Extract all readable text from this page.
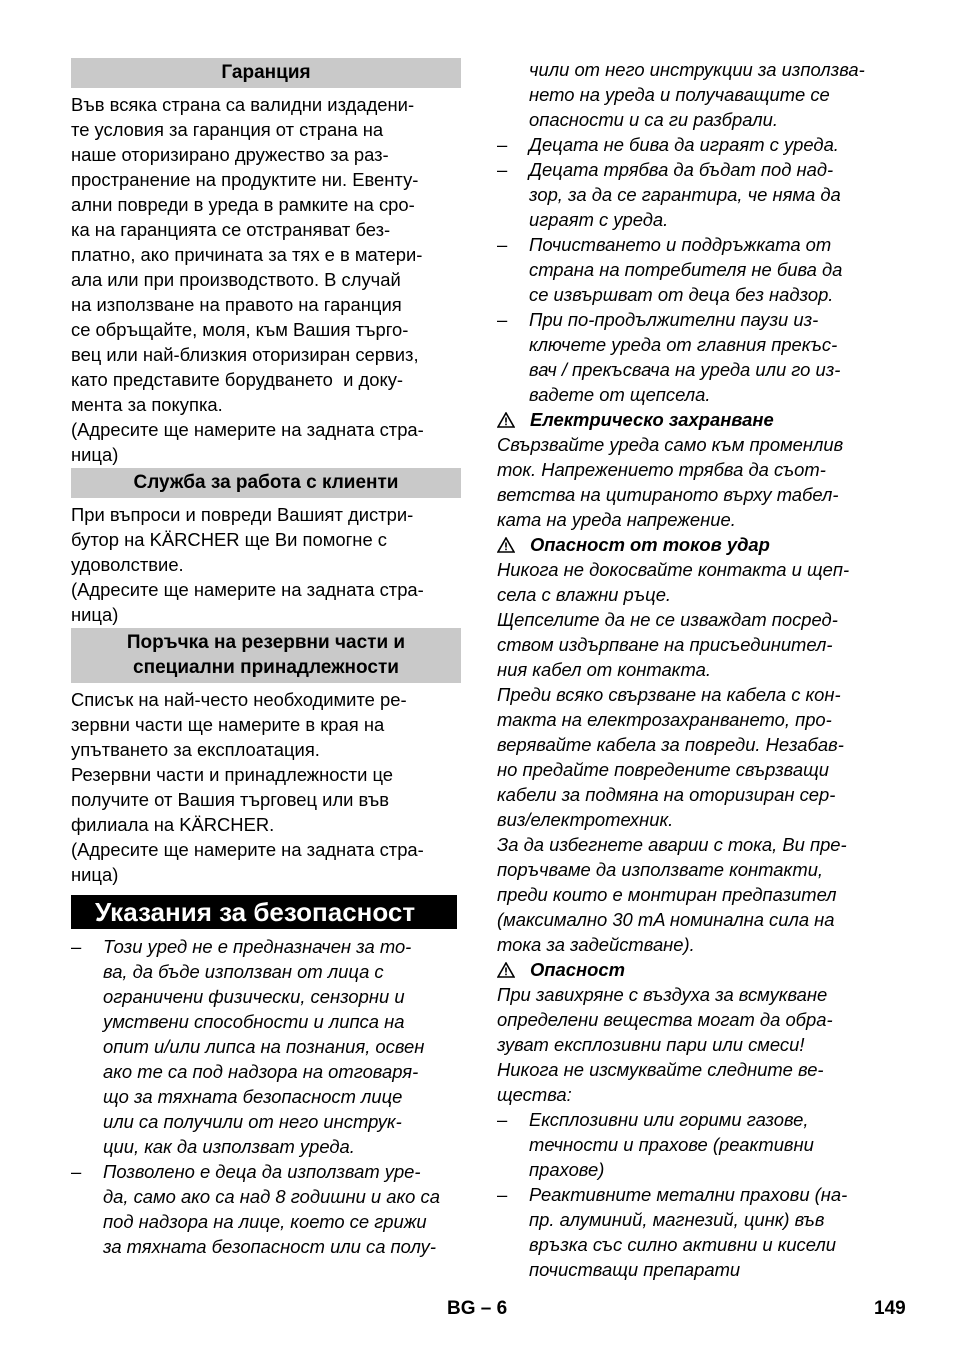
Гаранция
Във всяка страна са валидни издадени-
те условия за гаранция от страна на
наше оторизирано дружество за раз-
пространение на продуктите ни. Евенту-
ални повреди в уреда в рамките на сро-
ка на гаранцията се отстраняват без-
платно, ако причината за тях е в матери-
ала или при производството. В случай
на използване на правото на гаранция
се обръщайте, моля, към Вашия търго-
вец или най-близкия оторизиран сервиз,
като представите борудването  и доку-
мента за покупка.
(Адресите ще намерите на задната стра-
ница)
Служба за работа с клиенти
При въпроси и повреди Вашият дистри-
бутор на KÄRCHER ще Ви помогне с
удоволствие.
(Адресите ще намерите на задната стра-
ница)
Поръчка на резервни части и
специални принадлежности
Списък на най-често необходимите ре-
зервни части ще намерите в края на
упътването за експлоатация.
Резервни части и принадлежности це
получите от Вашия търговец или във
филиала на KÄRCHER.
(Адресите ще намерите на задната стра-
ница)
Указания за безопасност
– Този уред не е предназначен за то-
ва, да бъде използван от лица с
ограничени физически, сензорни и
умствени способности и липса на
опит и/или липса на познания, освен
ако те са под надзора на отговаря-
що за тяхната безопасност лице
или са получили от него инструк-
ции, как да използват уреда.
– Позволено е деца да използват уре-
да, само ако са над 8 годишни и ако са
под надзора на лице, което се грижи
за тяхната безопасност или са полу-
чили от него инструкции за използва-
нето на уреда и получаващите се
опасности и са ги разбрали.
– Децата не бива да играят с уреда.
– Децата трябва да бъдат под над-
зор, за да се гарантира, че няма да
играят с уреда.
– Почистването и поддръжката от
страна на потребителя не бива да
се извършват от деца без надзор.
– При по-продължителни паузи из-
ключете уреда от главния прекъс-
вач / прекъсвача на уреда или го из-
вадете от щепсела.
Електрическо захранване
Свързвайте уреда само към променлив
ток. Напрежението трябва да съот-
ветства на цитираното върху табел-
ката на уреда напрежение.
Опасност от токов удар
Никога не докосвайте контакта и щеп-
села с влажни ръце.
Щепселите да не се изваждат посред-
ством издърпване на присъединител-
ния кабел от контакта.
Преди всяко свързване на кабела с кон-
такта на електрозахранването, про-
верявайте кабела за повреди. Незабав-
но предайте повредените свързващи
кабели за подмяна на оторизиран сер-
виз/електротехник.
За да избегнете аварии с тока, Ви пре-
поръчваме да използвате контакти,
преди които е монтиран предпазител
(максимално 30 mA номинална сила на
тока за задействане).
Опасност
При завихряне с въздуха за всмукване
определени вещества могат да обра-
зуват експлозивни пари или смеси!
Никога не изсмуквайте следните ве-
щества:
– Експлозивни или горими газове,
течности и прахове (реактивни
прахове)
– Реактивните метални прахови (на-
пр. алуминий, магнезий, цинк) във
връзка със силно активни и кисели
почистващи препарати
BG – 6	149
